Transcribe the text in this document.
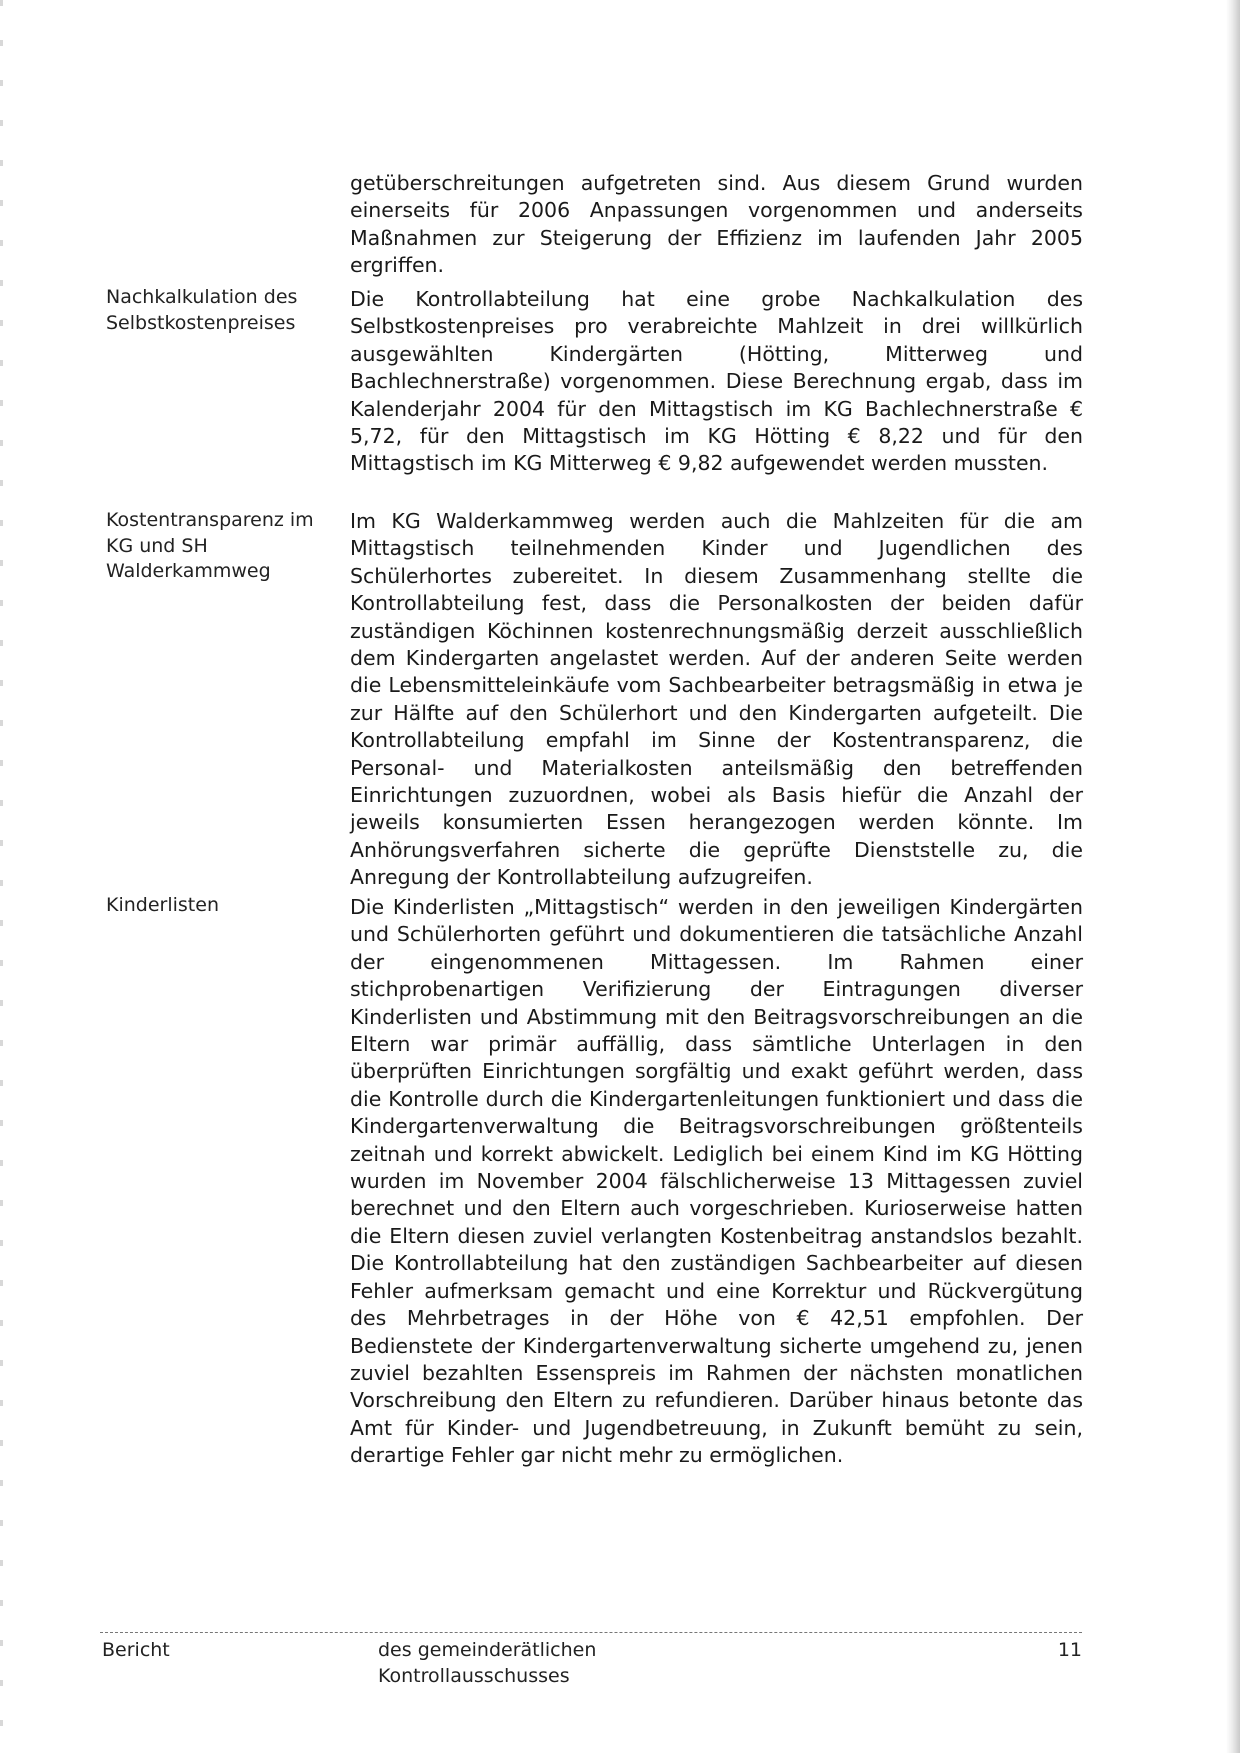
getüberschreitungen aufgetreten sind. Aus diesem Grund wurden einerseits für 2006 Anpassungen vorgenommen und anderseits Maßnahmen zur Steigerung der Effizienz im laufenden Jahr 2005 ergriffen.
Nachkalkulation des Selbstkostenpreises
Die Kontrollabteilung hat eine grobe Nachkalkulation des Selbstkostenpreises pro verabreichte Mahlzeit in drei willkürlich ausgewählten Kindergärten (Hötting, Mitterweg und Bachlechnerstraße) vorgenommen. Diese Berechnung ergab, dass im Kalenderjahr 2004 für den Mittagstisch im KG Bachlechnerstraße € 5,72, für den Mittagstisch im KG Hötting € 8,22 und für den Mittagstisch im KG Mitterweg € 9,82 aufgewendet werden mussten.
Kostentransparenz im KG und SH Walderkammweg
Im KG Walderkammweg werden auch die Mahlzeiten für die am Mittagstisch teilnehmenden Kinder und Jugendlichen des Schülerhortes zubereitet. In diesem Zusammenhang stellte die Kontrollabteilung fest, dass die Personalkosten der beiden dafür zuständigen Köchinnen kostenrechnungsmäßig derzeit ausschließlich dem Kindergarten angelastet werden. Auf der anderen Seite werden die Lebensmitteleinkäufe vom Sachbearbeiter betragsmäßig in etwa je zur Hälfte auf den Schülerhort und den Kindergarten aufgeteilt. Die Kontrollabteilung empfahl im Sinne der Kostentransparenz, die Personal- und Materialkosten anteilsmäßig den betreffenden Einrichtungen zuzuordnen, wobei als Basis hiefür die Anzahl der jeweils konsumierten Essen herangezogen werden könnte. Im Anhörungsverfahren sicherte die geprüfte Dienststelle zu, die Anregung der Kontrollabteilung aufzugreifen.
Kinderlisten	Die Kinderlisten „Mittagstisch“ werden in den jeweiligen Kindergärten und Schülerhorten geführt und dokumentieren die tatsächliche Anzahl der eingenommenen Mittagessen. Im Rahmen einer stichprobenartigen Verifizierung der Eintragungen diverser Kinderlisten und Abstimmung mit den Beitragsvorschreibungen an die Eltern war primär auffällig, dass sämtliche Unterlagen in den überprüften Einrichtungen sorgfältig und exakt geführt werden, dass die Kontrolle durch die Kindergartenleitungen funktioniert und dass die Kindergartenverwaltung die Beitragsvorschreibungen größtenteils zeitnah und korrekt abwickelt. Lediglich bei einem Kind im KG Hötting wurden im November 2004 fälschlicherweise 13 Mittagessen zuviel berechnet und den Eltern auch vorgeschrieben. Kurioserweise hatten die Eltern diesen zuviel verlangten Kostenbeitrag anstandslos bezahlt. Die Kontrollabteilung hat den zuständigen Sachbearbeiter auf diesen Fehler aufmerksam gemacht und eine Korrektur und Rückvergütung des Mehrbetrages in der Höhe von € 42,51 empfohlen. Der Bedienstete der Kindergartenverwaltung sicherte umgehend zu, jenen zuviel bezahlten Essenspreis im Rahmen der nächsten monatlichen Vorschreibung den Eltern zu refundieren. Darüber hinaus betonte das Amt für Kinder- und Jugendbetreuung, in Zukunft bemüht zu sein, derartige Fehler gar nicht mehr zu ermöglichen.
Bericht	des gemeinderätlichen Kontrollausschusses
11
